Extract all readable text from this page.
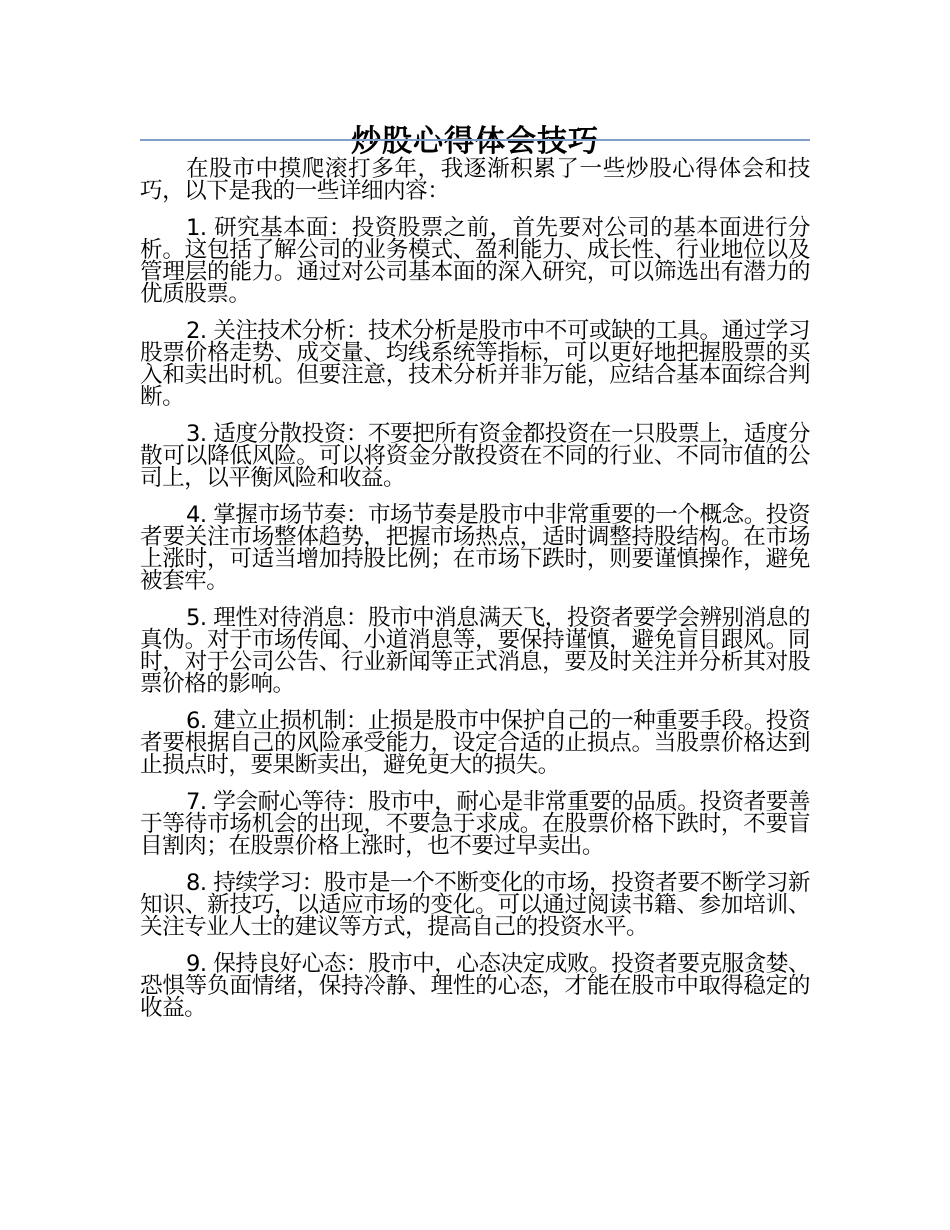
炒股心得体会技巧

在股市中摸爬滚打多年，我逐渐积累了一些炒股心得体会和技巧，以下是我的一些详细内容：

1. 研究基本面：投资股票之前，首先要对公司的基本面进行分析。这包括了解公司的业务模式、盈利能力、成长性、行业地位以及管理层的能力。通过对公司基本面的深入研究，可以筛选出有潜力的优质股票。

2. 关注技术分析：技术分析是股市中不可或缺的工具。通过学习股票价格走势、成交量、均线系统等指标，可以更好地把握股票的买入和卖出时机。但要注意，技术分析并非万能，应结合基本面综合判断。

3. 适度分散投资：不要把所有资金都投资在一只股票上，适度分散可以降低风险。可以将资金分散投资在不同的行业、不同市值的公司上，以平衡风险和收益。

4. 掌握市场节奏：市场节奏是股市中非常重要的一个概念。投资者要关注市场整体趋势，把握市场热点，适时调整持股结构。在市场上涨时，可适当增加持股比例；在市场下跌时，则要谨慎操作，避免被套牢。

5. 理性对待消息：股市中消息满天飞，投资者要学会辨别消息的真伪。对于市场传闻、小道消息等，要保持谨慎，避免盲目跟风。同时，对于公司公告、行业新闻等正式消息，要及时关注并分析其对股票价格的影响。

6. 建立止损机制：止损是股市中保护自己的一种重要手段。投资者要根据自己的风险承受能力，设定合适的止损点。当股票价格达到止损点时，要果断卖出，避免更大的损失。

7. 学会耐心等待：股市中，耐心是非常重要的品质。投资者要善于等待市场机会的出现，不要急于求成。在股票价格下跌时，不要盲目割肉；在股票价格上涨时，也不要过早卖出。

8. 持续学习：股市是一个不断变化的市场，投资者要不断学习新知识、新技巧，以适应市场的变化。可以通过阅读书籍、参加培训、关注专业人士的建议等方式，提高自己的投资水平。

9. 保持良好心态：股市中，心态决定成败。投资者要克服贪婪、恐惧等负面情绪，保持冷静、理性的心态，才能在股市中取得稳定的收益。
